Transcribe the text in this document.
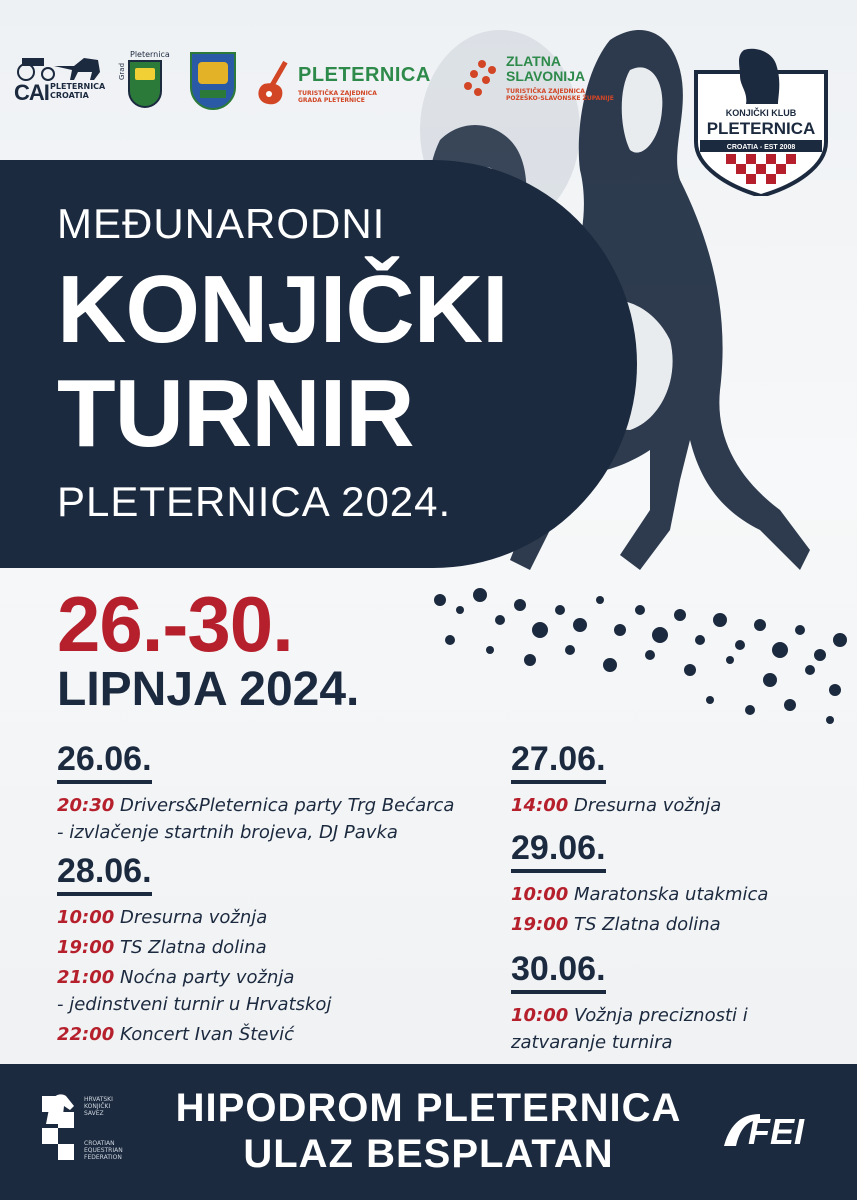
CAI PLETERNICA
CROATIA
Pleternica
Grad	PLETERNICA
TURISTIČKA ZAJEDNICA
GRADA PLETERNICE
ZLATNA
SLAVONIJA
TURISTIČKA ZAJEDNICA
POŽEŠKO-SLAVONSKE ŽUPANIJE
KONJIČKI KLUB
PLETERNICA
CROATIA - EST 2008
MEĐUNARODNI
KONJIČKI
TURNIR
PLETERNICA 2024.
26.-30.
LIPNJA 2024.
26.06.
20:30 Drivers&Pleternica party Trg Bećarca
- izvlačenje startnih brojeva, DJ Pavka
28.06.
10:00 Dresurna vožnja
19:00 TS Zlatna dolina
21:00 Noćna party vožnja
- jedinstveni turnir u Hrvatskoj
22:00 Koncert Ivan Štević
27.06.
14:00 Dresurna vožnja
29.06.
10:00 Maratonska utakmica
19:00 TS Zlatna dolina
30.06.
10:00 Vožnja preciznosti i
zatvaranje turnira
HRVATSKI
KONJIČKI
SAVEZ
CROATIAN
EQUESTRIAN
FEDERATION
HIPODROM PLETERNICA
ULAZ BESPLATAN
FEI
